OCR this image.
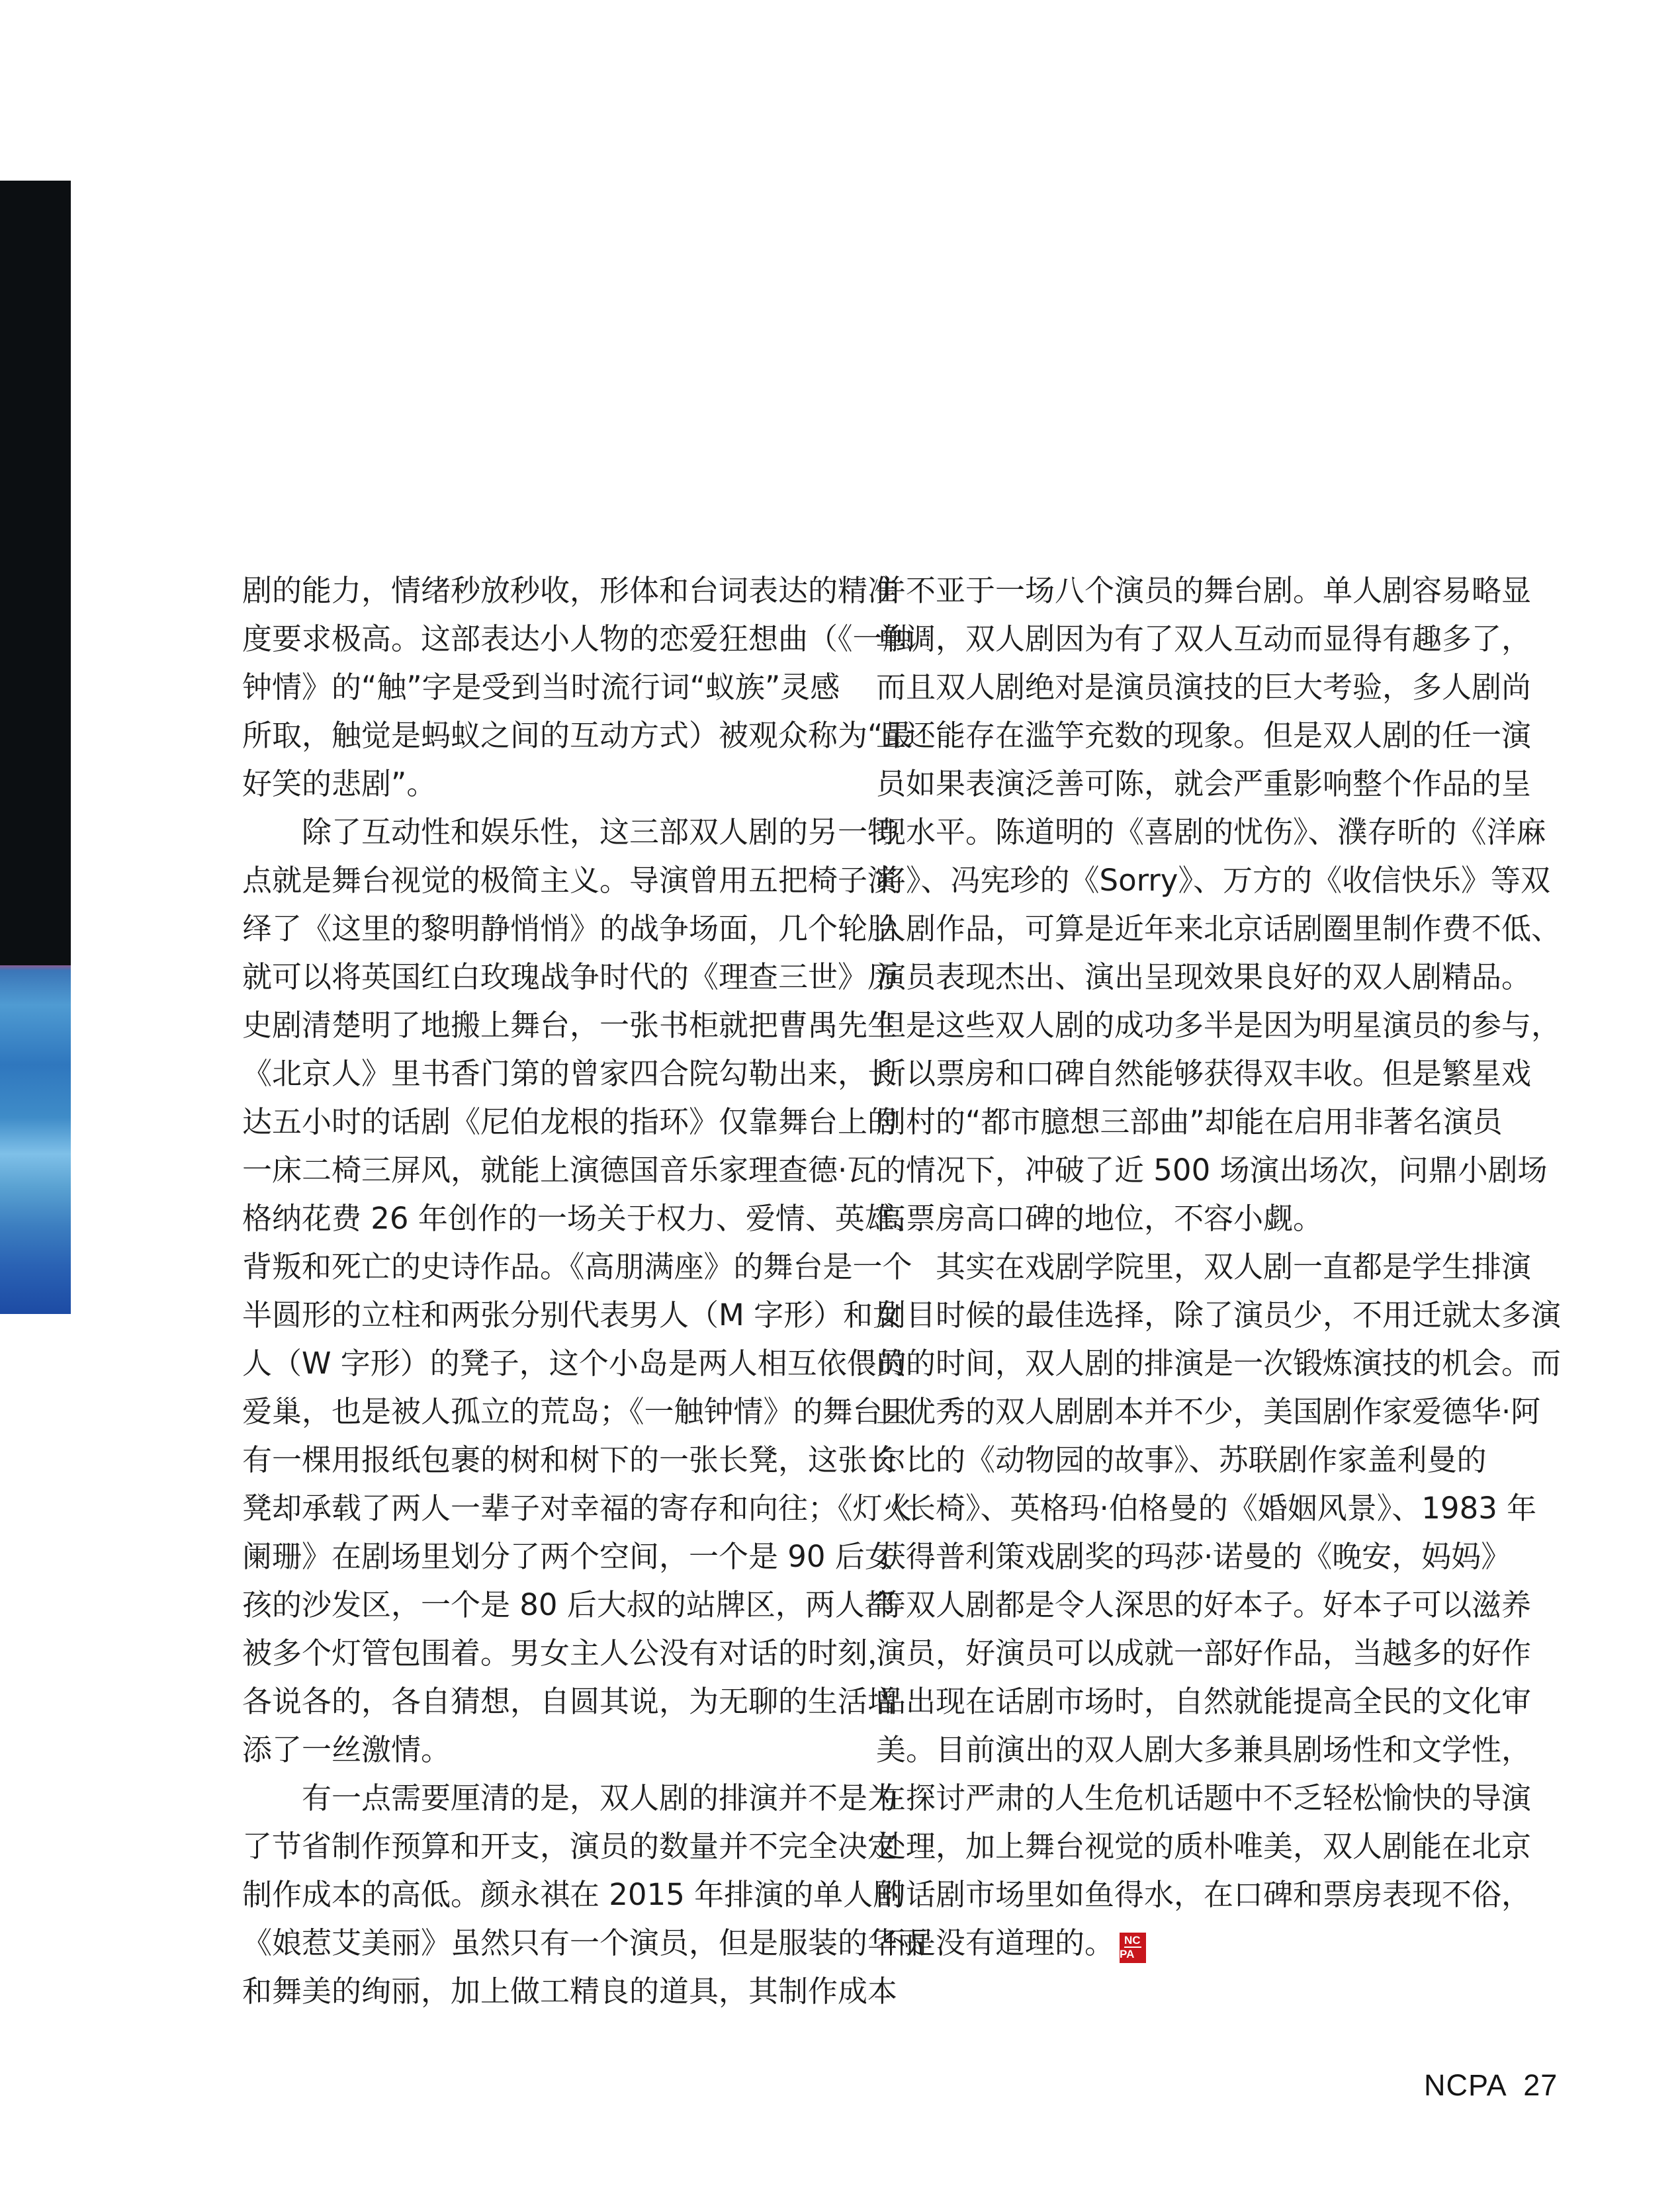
剧的能力，情绪秒放秒收，形体和台词表达的精准
度要求极高。这部表达小人物的恋爱狂想曲（《一触
钟情》的“触”字是受到当时流行词“蚁族”灵感
所取，触觉是蚂蚁之间的互动方式）被观众称为“最
好笑的悲剧”。
　　除了互动性和娱乐性，这三部双人剧的另一特
点就是舞台视觉的极简主义。导演曾用五把椅子演
绎了《这里的黎明静悄悄》的战争场面，几个轮胎
就可以将英国红白玫瑰战争时代的《理查三世》历
史剧清楚明了地搬上舞台，一张书柜就把曹禺先生
《北京人》里书香门第的曾家四合院勾勒出来，长
达五小时的话剧《尼伯龙根的指环》仅靠舞台上的
一床二椅三屏风，就能上演德国音乐家理查德·瓦
格纳花费 26 年创作的一场关于权力、爱情、英雄、
背叛和死亡的史诗作品。《高朋满座》的舞台是一个
半圆形的立柱和两张分别代表男人（M 字形）和女
人（W 字形）的凳子，这个小岛是两人相互依偎的
爱巢，也是被人孤立的荒岛；《一触钟情》的舞台只
有一棵用报纸包裹的树和树下的一张长凳，这张长
凳却承载了两人一辈子对幸福的寄存和向往；《灯火
阑珊》在剧场里划分了两个空间，一个是 90 后女
孩的沙发区，一个是 80 后大叔的站牌区，两人都
被多个灯管包围着。男女主人公没有对话的时刻，
各说各的，各自猜想，自圆其说，为无聊的生活增
添了一丝激情。
　　有一点需要厘清的是，双人剧的排演并不是为
了节省制作预算和开支，演员的数量并不完全决定
制作成本的高低。颜永祺在 2015 年排演的单人剧
《娘惹艾美丽》虽然只有一个演员，但是服装的华丽
和舞美的绚丽，加上做工精良的道具，其制作成本
并不亚于一场八个演员的舞台剧。单人剧容易略显
单调，双人剧因为有了双人互动而显得有趣多了，
而且双人剧绝对是演员演技的巨大考验，多人剧尚
且还能存在滥竽充数的现象。但是双人剧的任一演
员如果表演泛善可陈，就会严重影响整个作品的呈
现水平。陈道明的《喜剧的忧伤》、濮存昕的《洋麻
将》、冯宪珍的《Sorry》、万方的《收信快乐》等双
人剧作品，可算是近年来北京话剧圈里制作费不低、
演员表现杰出、演出呈现效果良好的双人剧精品。
但是这些双人剧的成功多半是因为明星演员的参与，
所以票房和口碑自然能够获得双丰收。但是繁星戏
剧村的“都市臆想三部曲”却能在启用非著名演员
的情况下，冲破了近 500 场演出场次，问鼎小剧场
高票房高口碑的地位，不容小觑。
　　其实在戏剧学院里，双人剧一直都是学生排演
剧目时候的最佳选择，除了演员少，不用迁就太多演
员的时间，双人剧的排演是一次锻炼演技的机会。而
且优秀的双人剧剧本并不少，美国剧作家爱德华·阿
尔比的《动物园的故事》、苏联剧作家盖利曼的
《长椅》、英格玛·伯格曼的《婚姻风景》、1983 年
获得普利策戏剧奖的玛莎·诺曼的《晚安，妈妈》
等双人剧都是令人深思的好本子。好本子可以滋养
演员，好演员可以成就一部好作品，当越多的好作
品出现在话剧市场时，自然就能提高全民的文化审
美。目前演出的双人剧大多兼具剧场性和文学性，
在探讨严肃的人生危机话题中不乏轻松愉快的导演
处理，加上舞台视觉的质朴唯美，双人剧能在北京
的话剧市场里如鱼得水，在口碑和票房表现不俗，
不是没有道理的。 $\frac{NC}{PA}$
NCPA  27
